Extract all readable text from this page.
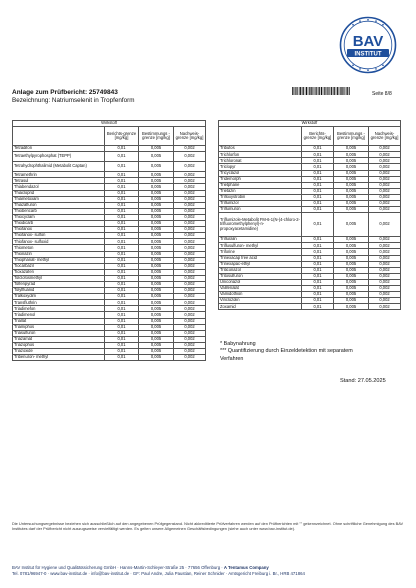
BAV
INSTITUT
Anlage zum Prüfbericht: 25749843
Bezeichnung: Natriumselenit in Tropfenform
Seite 8/8
Wirkstoff			
	Berichts-grenze [mg/kg]	Bestimmungs -grenze [mg/kg]	Nachweis-grenze [mg/kg]
Tetradifon	0,01	0,005	0,002
Tetraethylpyrophosphat (TEPP)	0,01	0,005	0,002
Tetrahydrophthalimid (Metabolit Captan)	0,01	0,005	0,002
Tetramethrin	0,01	0,005	0,002
Tetrasul	0,01	0,005	0,002
Thiabendazol	0,01	0,005	0,002
Thiacloprid	0,01	0,005	0,002
Thiametoxam	0,01	0,005	0,002
Thiazafluron	0,01	0,005	0,002
Thiobencarb	0,01	0,005	0,002
Thiocyclam	0,01	0,005	0,002
Thiodicarb	0,01	0,005	0,002
Thiofanox	0,01	0,005	0,002
Thiofanox- sulfon	0,01	0,005	0,002
Thiofanox- sulfoxid	0,01	0,005	0,002
Thiometon	0,01	0,005	0,002
Thionazin	0,01	0,005	0,002
Thiophanat- methyl	0,01	0,005	0,002
Tiocarbazil	0,01	0,005	0,002
Tioxazafen	0,01	0,005	0,002
Tolclofosmethyl	0,01	0,005	0,002
Tolfenpyrad	0,01	0,005	0,002
Tolylfluanid	0,01	0,005	0,002
Tralkoxydim	0,01	0,005	0,002
Transfluthrin	0,01	0,005	0,002
Triadimefon	0,01	0,005	0,002
Triadimenol	0,01	0,005	0,002
Triallat	0,01	0,005	0,002
Triamiphos	0,01	0,005	0,002
Triasulfuron	0,01	0,005	0,002
Triazamat	0,01	0,005	0,002
Triazophos	0,01	0,005	0,002
Triazoxide	0,01	0,005	0,002
Tribenuron- methyl	0,01	0,005	0,002
Wirkstoff			
	Berichts-grenze [mg/kg]	Bestimmungs -grenze [mg/kg]	Nachweis-grenze [mg/kg]
Tribufos	0,01	0,005	0,002
Trichlorfon	0,01	0,005	0,002
Trichloronat	0,01	0,005	0,002
Triclopyr	0,01	0,005	0,002
Tricyclazol	0,01	0,005	0,002
Tridemorph	0,01	0,005	0,002
Trietphane	0,01	0,005	0,002
Trietazin	0,01	0,005	0,002
Trifloxystrobin	0,01	0,005	0,002
Triflumizol	0,01	0,005	0,002
Triflumuron	0,01	0,005	0,002
Triflumizole-Metabolit FM-6-1(N-(4-chloro-2-trifluoromethylphenyl)-n-propoxyacetamidine)	0,01	0,005	0,002
Trifluralin	0,01	0,005	0,002
Triflusulfuron- methyl	0,01	0,005	0,002
Triforine	0,01	0,005	0,002
Trinexacap free acid	0,01	0,005	0,002
Trinexapac-ethyl	0,01	0,005	0,002
Triticonazol	0,01	0,005	0,002
Tritosulfuron	0,01	0,005	0,002
Uniconazol	0,01	0,005	0,002
Valifenalat	0,01	0,005	0,002
Vamidothion	0,01	0,005	0,002
Vinclozolin	0,01	0,005	0,002
Zoxamid	0,01	0,005	0,002
* Babynahrung
*** Quantifizierung durch Einzeldetektion mit separatem
Verfahren
Stand: 27.05.2025
Die Untersuchungsergebnisse beziehen sich ausschließlich auf den angegebenen Prüfgegenstand. Nicht akkreditierte Prüfverfahren werden auf den Prüfberichten mit "" gekennzeichnet. Ohne schriftliche Genehmigung des BAV Institutes darf der Prüfbericht nicht auszugsweise vervielfältigt werden. Es gelten unsere Allgemeinen Geschäftsbedingungen (siehe auch unter www.bav-institut.de).
BAV Institut für Hygiene und Qualitätssicherung GmbH · Hanns-Martin-Schleyer-Straße 25 · 77656 Offenburg · A Tentamus Company
Tel. 0781/96947-0 · www.bav-institut.de · info@bav-institut.de · GF: Paul Andre, Julia Paustian, Reiner Schnider · Amtsgericht Freiburg i. Br., HRB 471864
